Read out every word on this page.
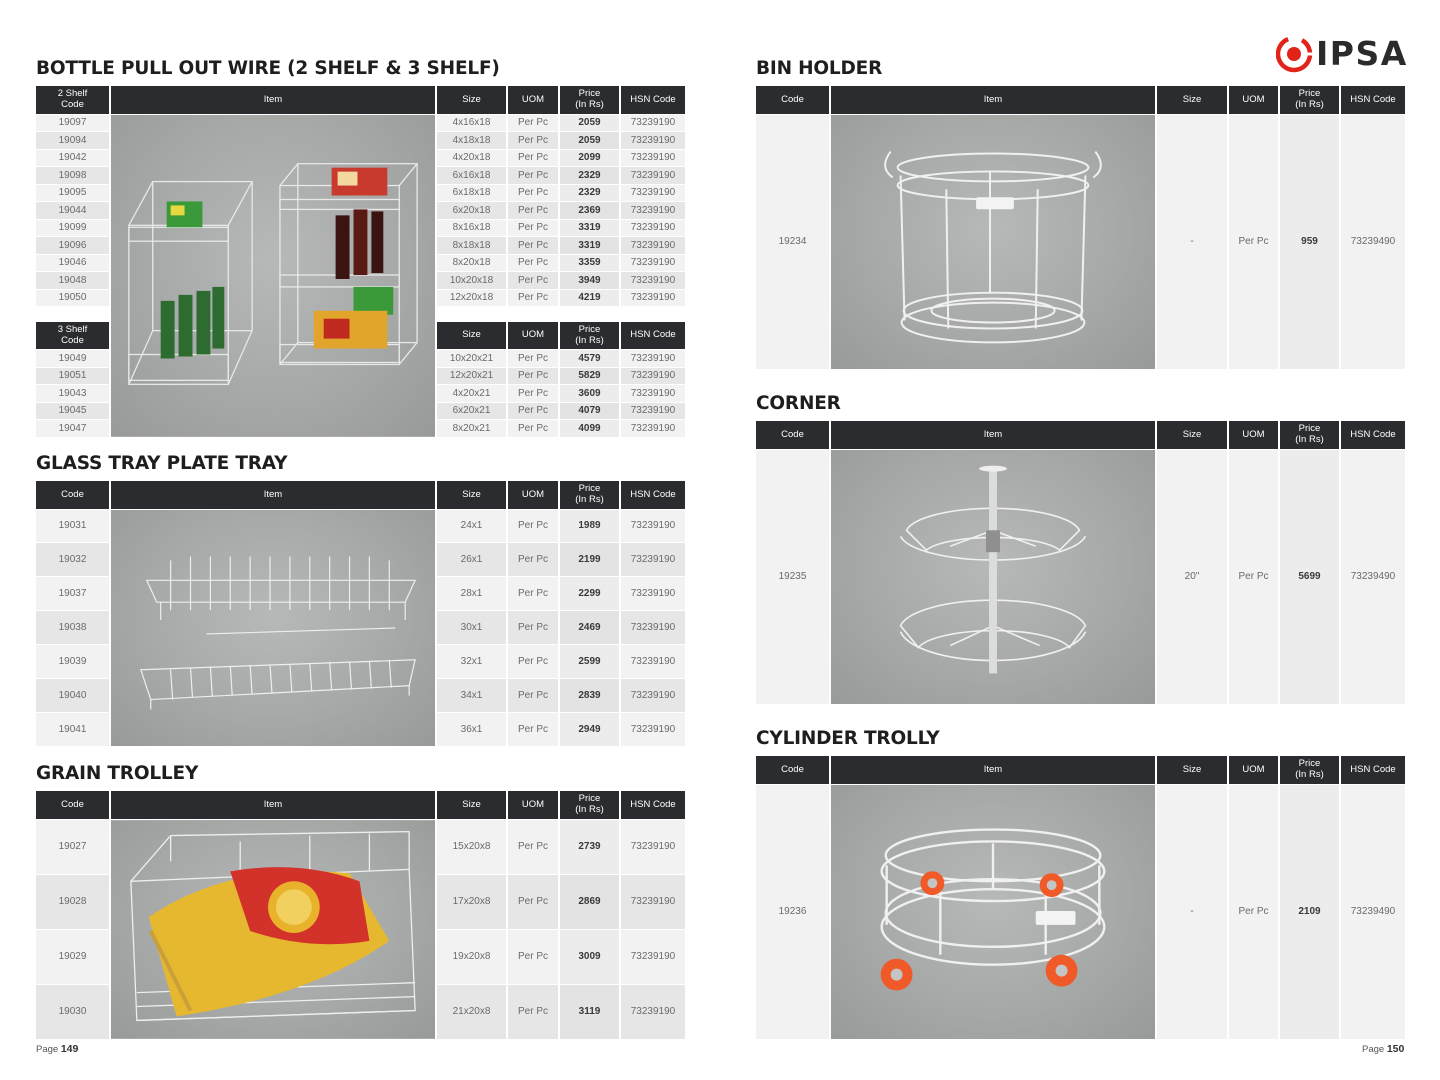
IPSA
BOTTLE PULL OUT WIRE (2 SHELF & 3 SHELF)
2 Shelf
Code	Item	Size	UOM	Price
(In Rs)	HSN Code
19097		4x16x18	Per Pc	2059	73239190
19094		4x18x18	Per Pc	2059	73239190
19042		4x20x18	Per Pc	2099	73239190
19098		6x16x18	Per Pc	2329	73239190
19095		6x18x18	Per Pc	2329	73239190
19044		6x20x18	Per Pc	2369	73239190
19099		8x16x18	Per Pc	3319	73239190
19096		8x18x18	Per Pc	3319	73239190
19046		8x20x18	Per Pc	3359	73239190
19048		10x20x18	Per Pc	3949	73239190
19050		12x20x18	Per Pc	4219	73239190

3 Shelf
Code		Size	UOM	Price
(In Rs)	HSN Code
19049		10x20x21	Per Pc	4579	73239190
19051		12x20x21	Per Pc	5829	73239190
19043		4x20x21	Per Pc	3609	73239190
19045		6x20x21	Per Pc	4079	73239190
19047		8x20x21	Per Pc	4099	73239190
GLASS TRAY PLATE TRAY
Code	Item	Size	UOM	Price
(In Rs)	HSN Code
19031		24x1	Per Pc	1989	73239190
19032		26x1	Per Pc	2199	73239190
19037		28x1	Per Pc	2299	73239190
19038		30x1	Per Pc	2469	73239190
19039		32x1	Per Pc	2599	73239190
19040		34x1	Per Pc	2839	73239190
19041		36x1	Per Pc	2949	73239190
GRAIN TROLLEY
Code	Item	Size	UOM	Price
(In Rs)	HSN Code
19027		15x20x8	Per Pc	2739	73239190
19028		17x20x8	Per Pc	2869	73239190
19029		19x20x8	Per Pc	3009	73239190
19030		21x20x8	Per Pc	3119	73239190
BIN HOLDER
Code	Item	Size	UOM	Price
(In Rs)	HSN Code
19234		-	Per Pc	959	73239490
CORNER
Code	Item	Size	UOM	Price
(In Rs)	HSN Code
19235		20"	Per Pc	5699	73239490
CYLINDER TROLLY
Code	Item	Size	UOM	Price
(In Rs)	HSN Code
19236		-	Per Pc	2109	73239490
Page 149	Page 150
